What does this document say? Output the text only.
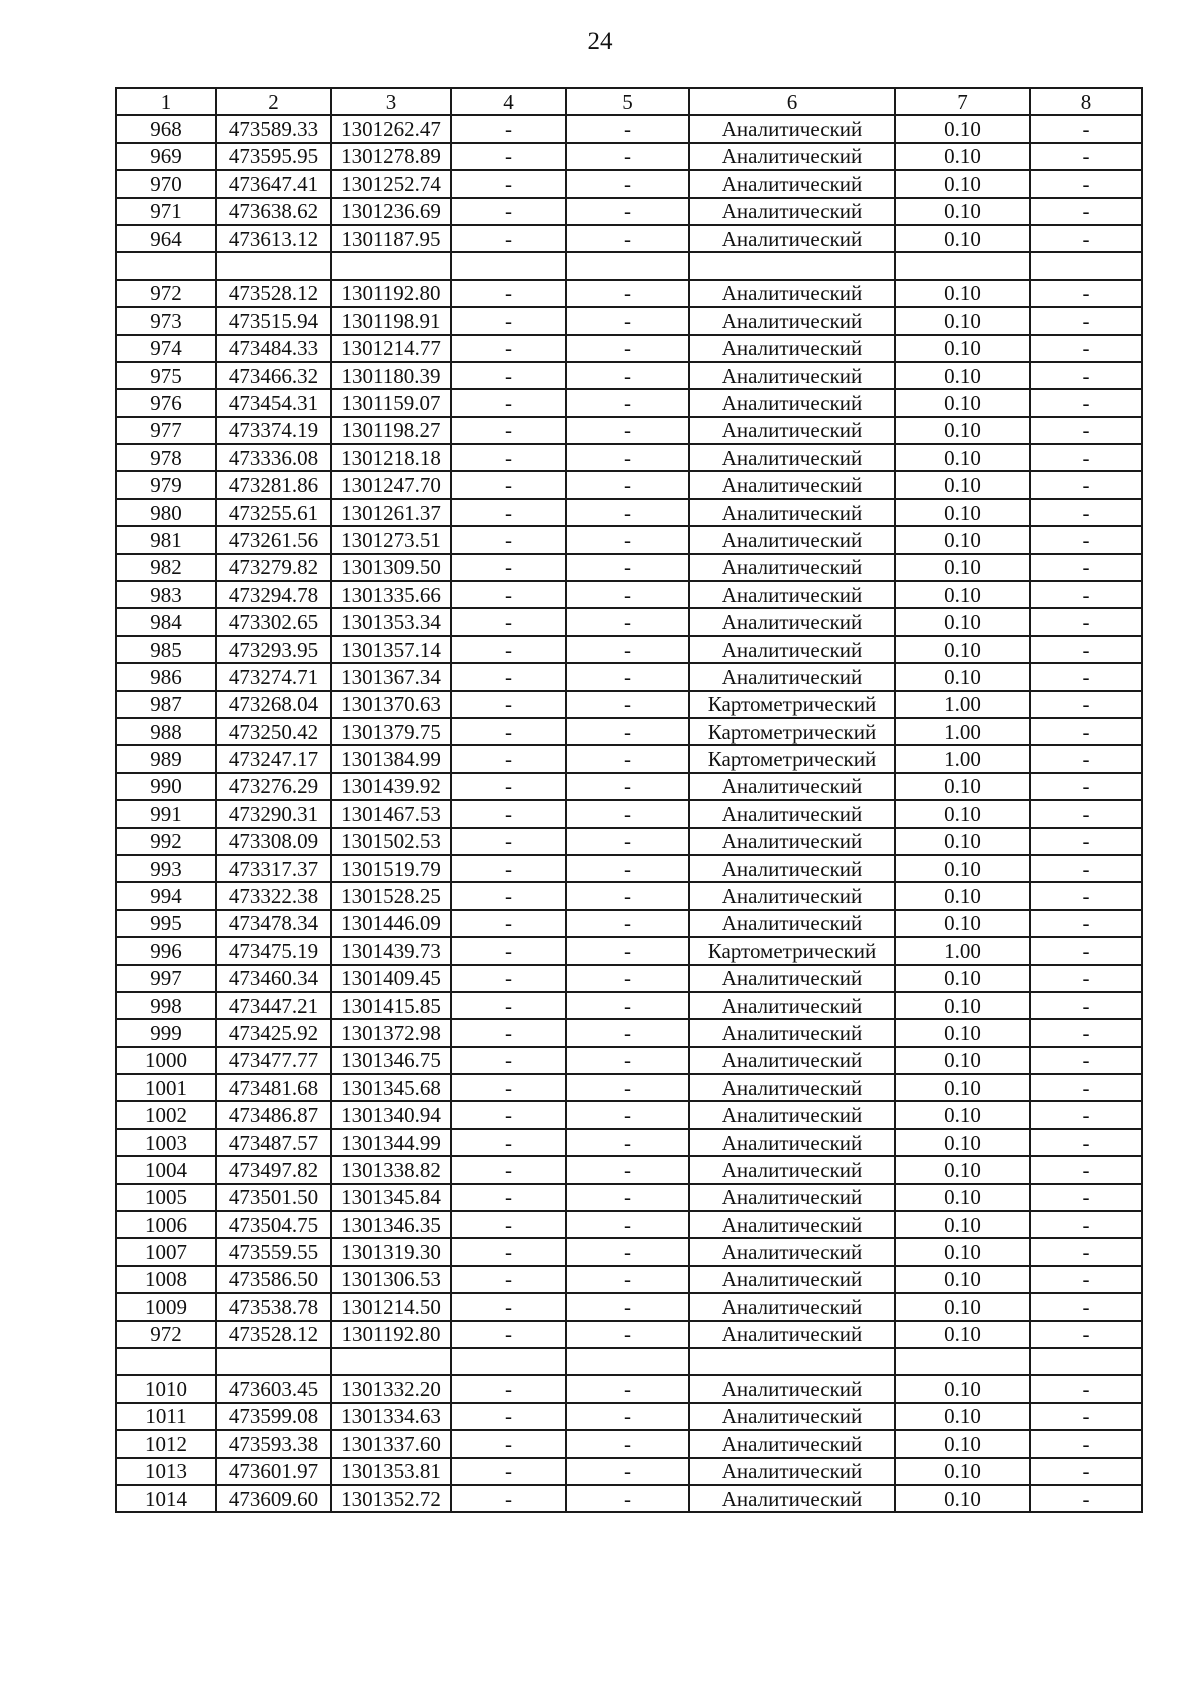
24
1	2	3	4	5	6	7	8
968	473589.33	1301262.47	-	-	Аналитический	0.10	-
969	473595.95	1301278.89	-	-	Аналитический	0.10	-
970	473647.41	1301252.74	-	-	Аналитический	0.10	-
971	473638.62	1301236.69	-	-	Аналитический	0.10	-
964	473613.12	1301187.95	-	-	Аналитический	0.10	-

972	473528.12	1301192.80	-	-	Аналитический	0.10	-
973	473515.94	1301198.91	-	-	Аналитический	0.10	-
974	473484.33	1301214.77	-	-	Аналитический	0.10	-
975	473466.32	1301180.39	-	-	Аналитический	0.10	-
976	473454.31	1301159.07	-	-	Аналитический	0.10	-
977	473374.19	1301198.27	-	-	Аналитический	0.10	-
978	473336.08	1301218.18	-	-	Аналитический	0.10	-
979	473281.86	1301247.70	-	-	Аналитический	0.10	-
980	473255.61	1301261.37	-	-	Аналитический	0.10	-
981	473261.56	1301273.51	-	-	Аналитический	0.10	-
982	473279.82	1301309.50	-	-	Аналитический	0.10	-
983	473294.78	1301335.66	-	-	Аналитический	0.10	-
984	473302.65	1301353.34	-	-	Аналитический	0.10	-
985	473293.95	1301357.14	-	-	Аналитический	0.10	-
986	473274.71	1301367.34	-	-	Аналитический	0.10	-
987	473268.04	1301370.63	-	-	Картометрический	1.00	-
988	473250.42	1301379.75	-	-	Картометрический	1.00	-
989	473247.17	1301384.99	-	-	Картометрический	1.00	-
990	473276.29	1301439.92	-	-	Аналитический	0.10	-
991	473290.31	1301467.53	-	-	Аналитический	0.10	-
992	473308.09	1301502.53	-	-	Аналитический	0.10	-
993	473317.37	1301519.79	-	-	Аналитический	0.10	-
994	473322.38	1301528.25	-	-	Аналитический	0.10	-
995	473478.34	1301446.09	-	-	Аналитический	0.10	-
996	473475.19	1301439.73	-	-	Картометрический	1.00	-
997	473460.34	1301409.45	-	-	Аналитический	0.10	-
998	473447.21	1301415.85	-	-	Аналитический	0.10	-
999	473425.92	1301372.98	-	-	Аналитический	0.10	-
1000	473477.77	1301346.75	-	-	Аналитический	0.10	-
1001	473481.68	1301345.68	-	-	Аналитический	0.10	-
1002	473486.87	1301340.94	-	-	Аналитический	0.10	-
1003	473487.57	1301344.99	-	-	Аналитический	0.10	-
1004	473497.82	1301338.82	-	-	Аналитический	0.10	-
1005	473501.50	1301345.84	-	-	Аналитический	0.10	-
1006	473504.75	1301346.35	-	-	Аналитический	0.10	-
1007	473559.55	1301319.30	-	-	Аналитический	0.10	-
1008	473586.50	1301306.53	-	-	Аналитический	0.10	-
1009	473538.78	1301214.50	-	-	Аналитический	0.10	-
972	473528.12	1301192.80	-	-	Аналитический	0.10	-

1010	473603.45	1301332.20	-	-	Аналитический	0.10	-
1011	473599.08	1301334.63	-	-	Аналитический	0.10	-
1012	473593.38	1301337.60	-	-	Аналитический	0.10	-
1013	473601.97	1301353.81	-	-	Аналитический	0.10	-
1014	473609.60	1301352.72	-	-	Аналитический	0.10	-
